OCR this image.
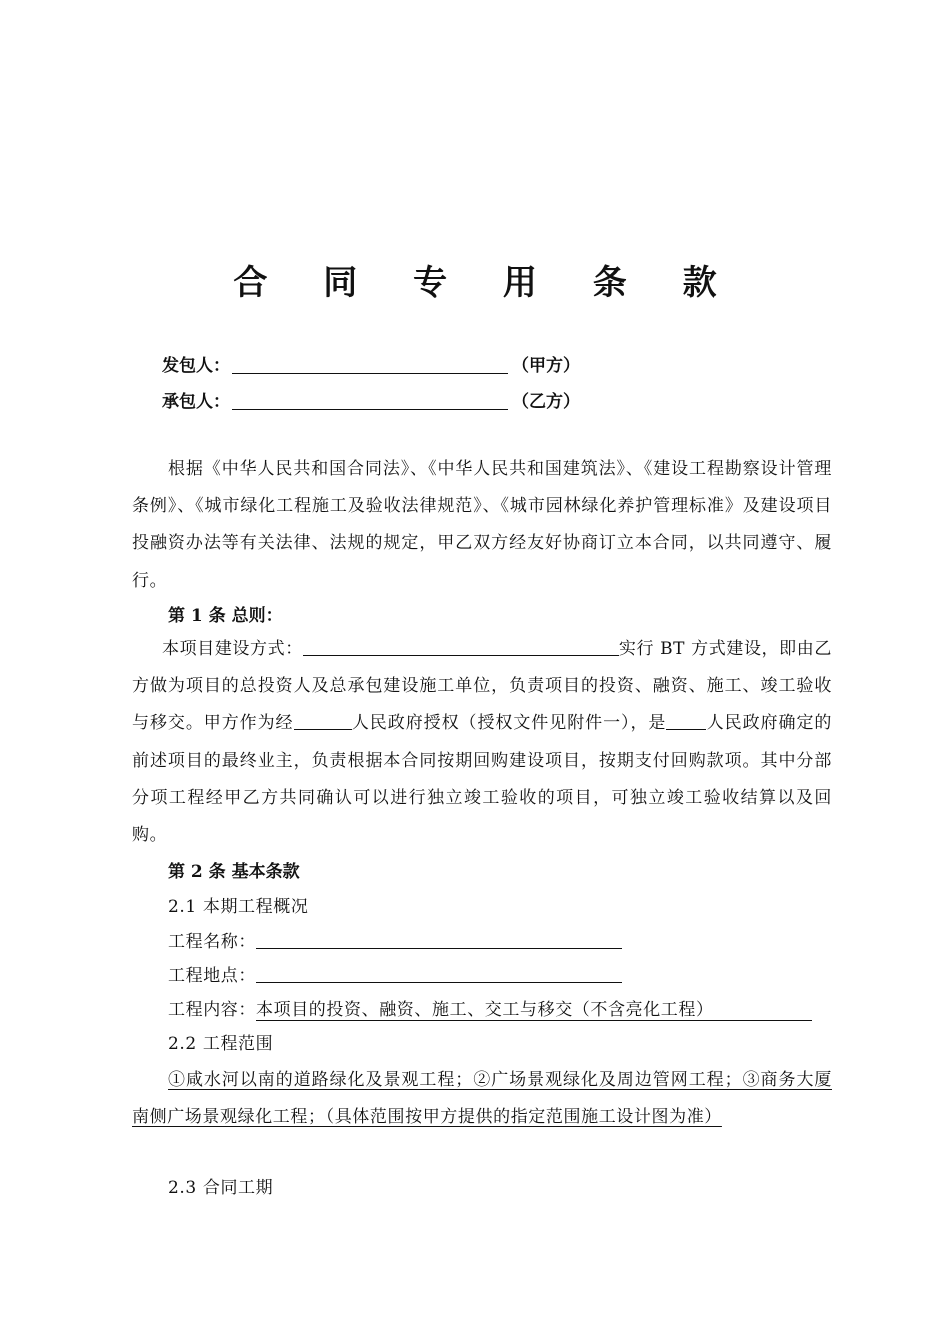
合 同 专 用 条 款
发包人：	（甲方）
承包人：	（乙方）
根据《中华人民共和国合同法》、《中华人民共和国建筑法》、《建设工程勘察设计管理条例》、《城市绿化工程施工及验收法律规范》、《城市园林绿化养护管理标准》及建设项目投融资办法等有关法律、法规的规定，甲乙双方经友好协商订立本合同，以共同遵守、履行。
第 1 条 总则：
本项目建设方式：	实行 BT 方式建设，即由乙方做为项目的总投资人及总承包建设施工单位，负责项目的投资、融资、施工、竣工验收与移交。甲方作为经	人民政府授权（授权文件见附件一），是 人民政府确定的前述项目的最终业主，负责根据本合同按期回购建设项目，按期支付回购款项。其中分部分项工程经甲乙方共同确认可以进行独立竣工验收的项目，可独立竣工验收结算以及回购。
第 2 条 基本条款
2.1 本期工程概况
工程名称：
工程地点：
工程内容：本项目的投资、融资、施工、交工与移交（不含亮化工程）
2.2 工程范围
①咸水河以南的道路绿化及景观工程；②广场景观绿化及周边管网工程；③商务大厦南侧广场景观绿化工程；（具体范围按甲方提供的指定范围施工设计图为准）
2.3 合同工期
